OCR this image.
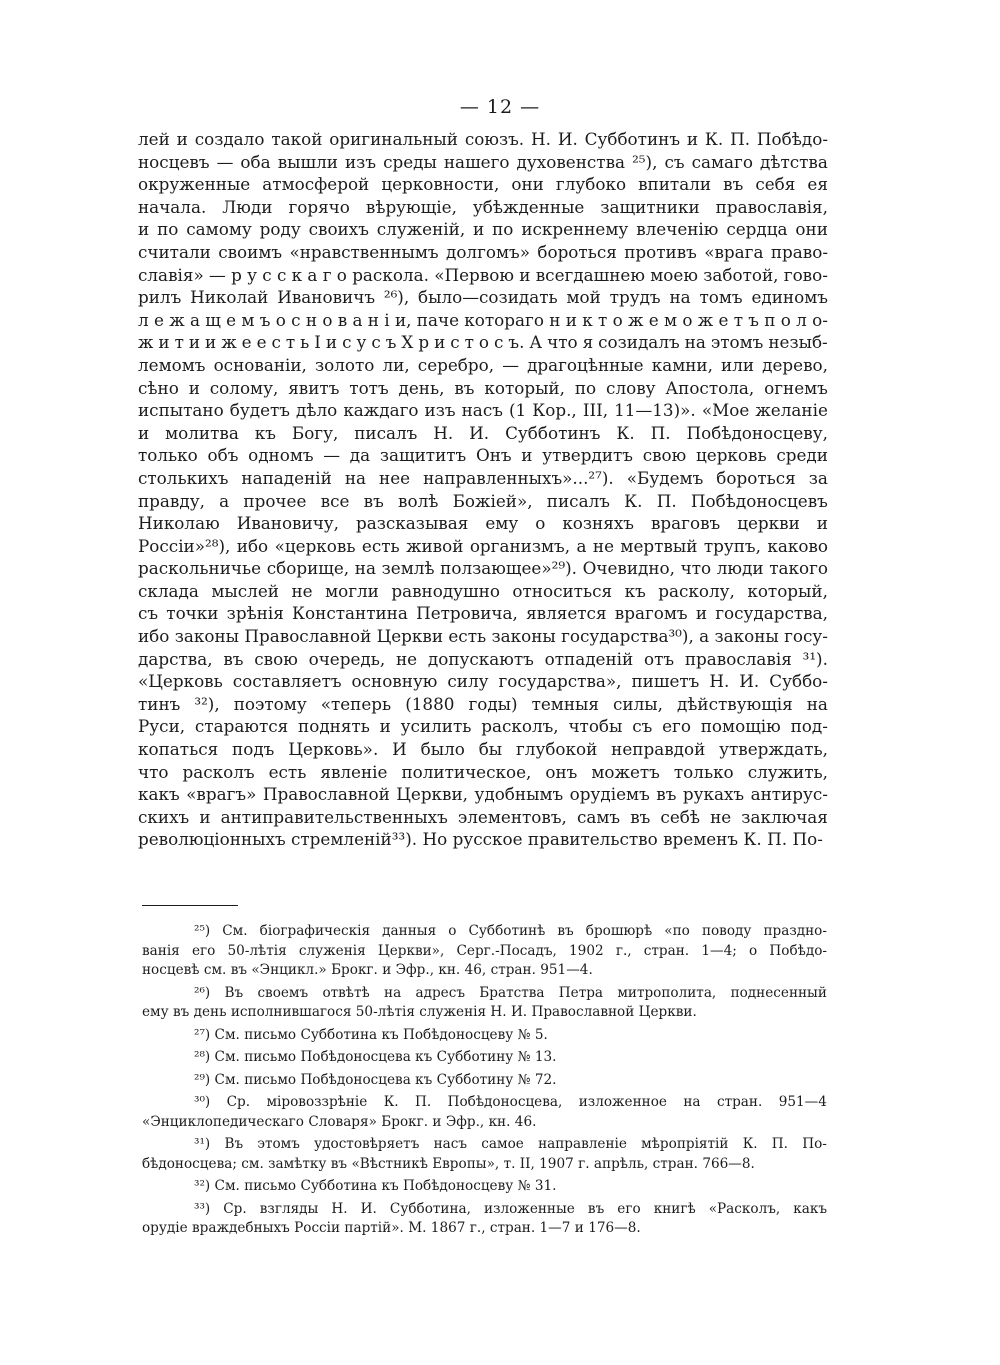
— 12 —
лей и создало такой оригинальный союзъ. Н. И. Субботинъ и К. П. Побѣдо-
носцевъ — оба вышли изъ среды нашего духовенства ²⁵), съ самаго дѣтства
окруженные атмосферой церковности, они глубоко впитали въ себя ея
начала. Люди горячо вѣрующіе, убѣжденные защитники православія,
и по самому роду своихъ служеній, и по искреннему влеченію сердца они
считали своимъ «нравственнымъ долгомъ» бороться противъ «врага право-
славія» — р у с с к а г о раскола. «Первою и всегдашнею моею заботой, гово-
рилъ Николай Ивановичъ ²⁶), было—созидать мой трудъ на томъ единомъ
л е ж а щ е м ъ о с н о в а н і и, паче котораго н и к т о ж е м о ж е т ъ п о л о-
ж и т и и ж е е с т ь І и с у с ъ Х р и с т о с ъ. А что я созидалъ на этомъ незыб-
лемомъ основаніи, золото ли, серебро, — драгоцѣнные камни, или дерево,
сѣно и солому, явитъ тотъ день, въ который, по слову Апостола, огнемъ
испытано будетъ дѣло каждаго изъ насъ (1 Кор., III, 11—13)». «Мое желаніе
и молитва къ Богу, писалъ Н. И. Субботинъ К. П. Побѣдоносцеву,
только объ одномъ — да защититъ Онъ и утвердитъ свою церковь среди
столькихъ нападеній на нее направленныхъ»...²⁷). «Будемъ бороться за
правду, а прочее все въ волѣ Божіей», писалъ К. П. Побѣдоносцевъ
Николаю Ивановичу, разсказывая ему о козняхъ враговъ церкви и
Россіи»²⁸), ибо «церковь есть живой организмъ, а не мертвый трупъ, каково
раскольничье сборище, на землѣ ползающее»²⁹). Очевидно, что люди такого
склада мыслей не могли равнодушно относиться къ расколу, который,
съ точки зрѣнія Константина Петровича, является врагомъ и государства,
ибо законы Православной Церкви есть законы государства³⁰), а законы госу-
дарства, въ свою очередь, не допускаютъ отпаденій отъ православія ³¹).
«Церковь составляетъ основную силу государства», пишетъ Н. И. Суббо-
тинъ ³²), поэтому «теперь (1880 годы) темныя силы, дѣйствующія на
Руси, стараются поднять и усилить расколъ, чтобы съ его помощію под-
копаться подъ Церковь». И было бы глубокой неправдой утверждать,
что расколъ есть явленіе политическое, онъ можетъ только служить,
какъ «врагъ» Православной Церкви, удобнымъ орудіемъ въ рукахъ антирус-
скихъ и антиправительственныхъ элементовъ, самъ въ себѣ не заключая
революціонныхъ стремленій³³). Но русское правительство временъ К. П. По-
²⁵) См. біографическія данныя о Субботинѣ въ брошюрѣ «по поводу праздно-
ванія его 50-лѣтія служенія Церкви», Серг.-Посадъ, 1902 г., стран. 1—4; о Побѣдо-
носцевѣ см. въ «Энцикл.» Брокг. и Эфр., кн. 46, стран. 951—4.
²⁶) Въ своемъ отвѣтѣ на адресъ Братства Петра митрополита, поднесенный
ему въ день исполнившагося 50-лѣтія служенія Н. И. Православной Церкви.
²⁷) См. письмо Субботина къ Побѣдоносцеву № 5.
²⁸) См. письмо Побѣдоносцева къ Субботину № 13.
²⁹) См. письмо Побѣдоносцева къ Субботину № 72.
³⁰) Ср. міровоззрѣніе К. П. Побѣдоносцева, изложенное на стран. 951—4
«Энциклопедическаго Словаря» Брокг. и Эфр., кн. 46.
³¹) Въ этомъ удостовѣряетъ насъ самое направленіе мѣропріятій К. П. По-
бѣдоносцева; см. замѣтку въ «Вѣстникѣ Европы», т. II, 1907 г. апрѣль, стран. 766—8.
³²) См. письмо Субботина къ Побѣдоносцеву № 31.
³³) Ср. взгляды Н. И. Субботина, изложенные въ его книгѣ «Расколъ, какъ
орудіе враждебныхъ Россіи партій». М. 1867 г., стран. 1—7 и 176—8.
